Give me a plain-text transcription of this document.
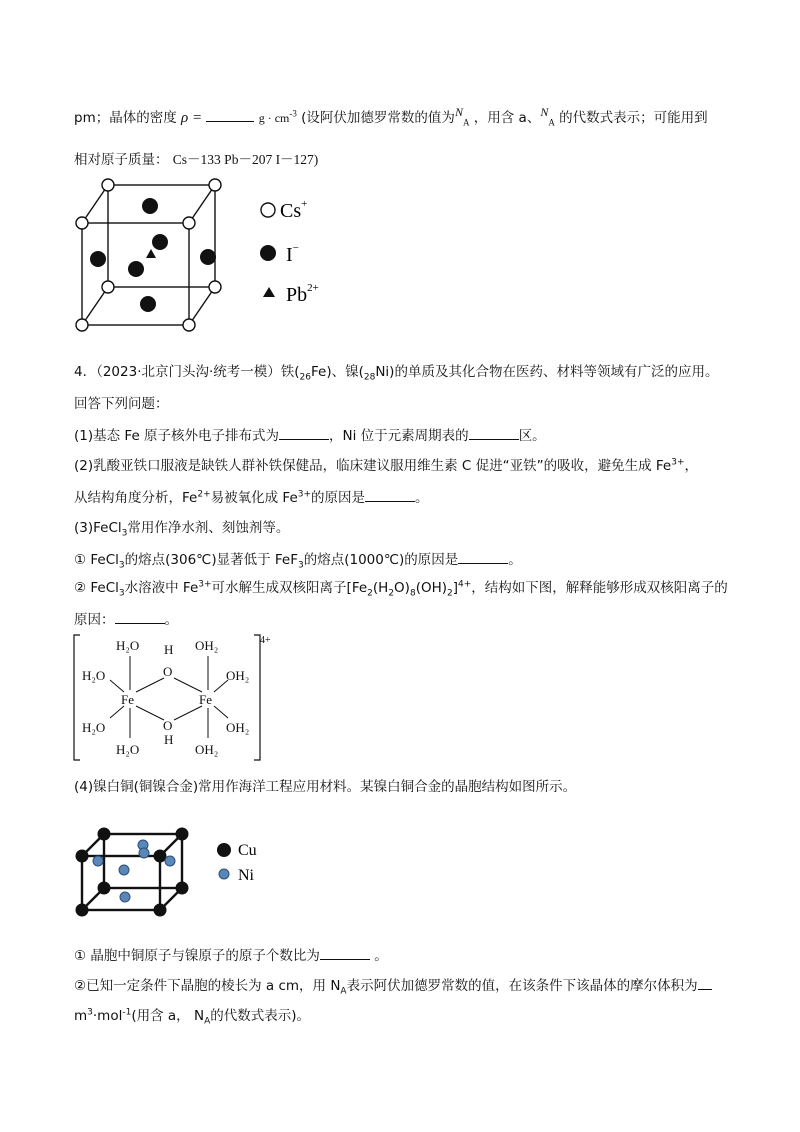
pm；晶体的密度 ρ =	$g \cdot cm^{-3}$ (设阿伏加德罗常数的值为$N_A$ ，用含 a、$N_A$ 的代数式表示；可能用到
相对原子质量： Cs－133 Pb－207 I－127)
Cs+
I−
$Pb^{2+}$
4．（2023·北京门头沟·统考一模）铁$(_{26}Fe)$、镍$(_{28}Ni)$的单质及其化合物在医药、材料等领域有广泛的应用。
回答下列问题：
(1)基态 Fe 原子核外电子排布式为	，Ni 位于元素周期表的	区。
(2)乳酸亚铁口服液是缺铁人群补铁保健品，临床建议服用维生素 C 促进“亚铁”的吸收，避免生成 $Fe^{3+}$，
从结构角度分析，$Fe^{2+}$易被氧化成 $Fe^{3+}$的原因是	。
(3)FeCl$_3$常用作净水剂、刻蚀剂等。
① FeCl$_3$的熔点(306℃)显著低于 FeF$_3$的熔点(1000℃)的原因是	。
② FeCl$_3$水溶液中 $Fe^{3+}$可水解生成双核阳离子$[Fe_2(H_2O)_8(OH)_2]^{4+}$，结构如下图，解释能够形成双核阳离子的
原因：	。
H₂O	OH₂
H
O
H₂O	OH₂
Fe	Fe
H₂O	OH₂
O
H
H₂O	OH₂
4+
(4)镍白铜(铜镍合金)常用作海洋工程应用材料。某镍白铜合金的晶胞结构如图所示。
Cu
Ni
① 晶胞中铜原子与镍原子的原子个数比为	。
②已知一定条件下晶胞的棱长为 a cm，用 $N_A$表示阿伏加德罗常数的值，在该条件下该晶体的摩尔体积为
$m^3\cdot mol^{-1}$(用含 a， $N_A$的代数式表示)。
